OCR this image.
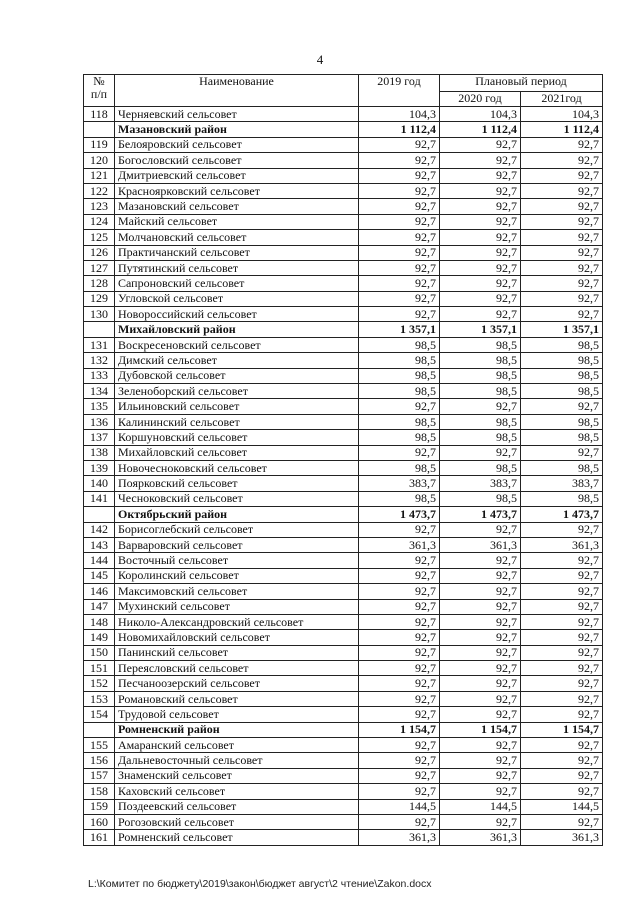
4
№
п/п	Наименование	2019 год	Плановый период	
			2020 год	2021год
118	Черняевский сельсовет	104,3	104,3	104,3
	Мазановский район	1 112,4	1 112,4	1 112,4
119	Белояровский сельсовет	92,7	92,7	92,7
120	Богословский сельсовет	92,7	92,7	92,7
121	Дмитриевский сельсовет	92,7	92,7	92,7
122	Красноярковский сельсовет	92,7	92,7	92,7
123	Мазановский сельсовет	92,7	92,7	92,7
124	Майский сельсовет	92,7	92,7	92,7
125	Молчановский сельсовет	92,7	92,7	92,7
126	Практичанский сельсовет	92,7	92,7	92,7
127	Путятинский сельсовет	92,7	92,7	92,7
128	Сапроновский сельсовет	92,7	92,7	92,7
129	Угловской сельсовет	92,7	92,7	92,7
130	Новороссийский сельсовет	92,7	92,7	92,7
	Михайловский район	1 357,1	1 357,1	1 357,1
131	Воскресеновский сельсовет	98,5	98,5	98,5
132	Димский сельсовет	98,5	98,5	98,5
133	Дубовской сельсовет	98,5	98,5	98,5
134	Зеленоборский сельсовет	98,5	98,5	98,5
135	Ильиновский сельсовет	92,7	92,7	92,7
136	Калининский сельсовет	98,5	98,5	98,5
137	Коршуновский сельсовет	98,5	98,5	98,5
138	Михайловский сельсовет	92,7	92,7	92,7
139	Новочесноковский сельсовет	98,5	98,5	98,5
140	Поярковский сельсовет	383,7	383,7	383,7
141	Чесноковский сельсовет	98,5	98,5	98,5
	Октябрьский район	1 473,7	1 473,7	1 473,7
142	Борисоглебский сельсовет	92,7	92,7	92,7
143	Варваровский сельсовет	361,3	361,3	361,3
144	Восточный сельсовет	92,7	92,7	92,7
145	Королинский сельсовет	92,7	92,7	92,7
146	Максимовский сельсовет	92,7	92,7	92,7
147	Мухинский сельсовет	92,7	92,7	92,7
148	Николо-Александровский сельсовет	92,7	92,7	92,7
149	Новомихайловский сельсовет	92,7	92,7	92,7
150	Панинский сельсовет	92,7	92,7	92,7
151	Переясловский сельсовет	92,7	92,7	92,7
152	Песчаноозерский сельсовет	92,7	92,7	92,7
153	Романовский сельсовет	92,7	92,7	92,7
154	Трудовой сельсовет	92,7	92,7	92,7
	Ромненский район	1 154,7	1 154,7	1 154,7
155	Амаранский сельсовет	92,7	92,7	92,7
156	Дальневосточный сельсовет	92,7	92,7	92,7
157	Знаменский сельсовет	92,7	92,7	92,7
158	Каховский сельсовет	92,7	92,7	92,7
159	Поздеевский сельсовет	144,5	144,5	144,5
160	Рогозовский сельсовет	92,7	92,7	92,7
161	Ромненский сельсовет	361,3	361,3	361,3
L:\Комитет по бюджету\2019\закон\бюджет август\2 чтение\Zakon.docx
